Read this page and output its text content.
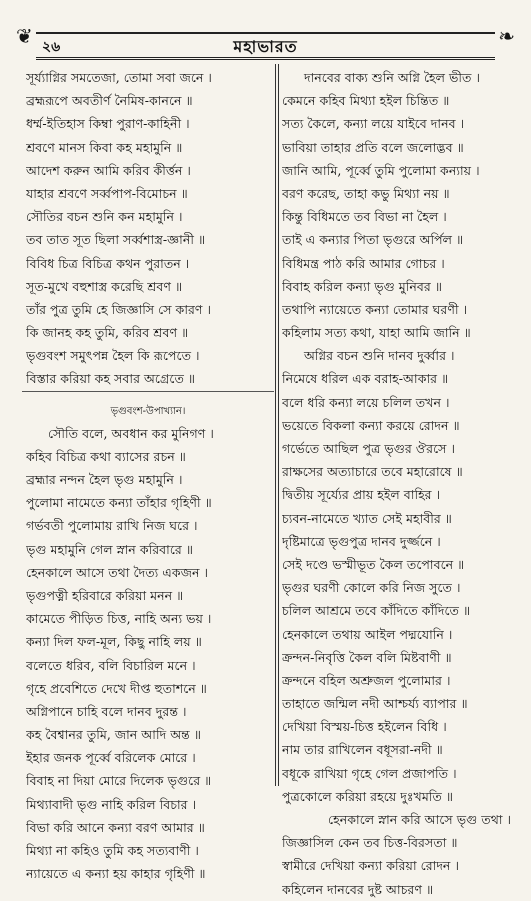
❦ ২৬	মহাভারত	❧
সূর্য্যাগ্নির সমতেজা, তোমা সবা জনে ।
ব্রহ্মরূপে অবতীর্ণ নৈমিষ-কাননে ॥
ধর্ম্ম-ইতিহাস কিম্বা পুরাণ-কাহিনী ।
শ্রবণে মানস কিবা কহ মহামুনি ॥
আদেশ করুন আমি করিব কীর্ত্তন ।
যাহার শ্রবণে সর্ব্বপাপ-বিমোচন ॥
সৌতির বচন শুনি কন মহামুনি ।
তব তাত সূত ছিলা সর্ব্বশাস্ত্র-জ্ঞানী ॥
বিবিধ চিত্র বিচিত্র কথন পুরাতন ।
সূত-মুখে বহুশাস্ত্র করেছি শ্রবণ ॥
তাঁর পুত্র তুমি হে জিজ্ঞাসি সে কারণ ।
কি জানহ কহ তুমি, করিব শ্রবণ ॥
ভৃগুবংশ সমুৎপন্ন হৈল কি রূপেতে ।
বিস্তার করিয়া কহ সবার অগ্রেতে ॥
ভৃগুবংশ-উপাখ্যান।
সৌতি বলে, অবধান কর মুনিগণ ।
কহিব বিচিত্র কথা ব্যাসের রচন ॥
ব্রহ্মার নন্দন হৈল ভৃগু মহামুনি ।
পুলোমা নামেতে কন্যা তাঁহার গৃহিণী ॥
গর্ভবতী পুলোমায় রাখি নিজ ঘরে ।
ভৃগু মহামুনি গেল স্নান করিবারে ॥
হেনকালে আসে তথা দৈত্য একজন ।
ভৃগুপত্নী হরিবারে করিয়া মনন ॥
কামেতে পীড়িত চিত্ত, নাহি অন্য ভয় ।
কন্যা দিল ফল-মূল, কিছু নাহি লয় ॥
বলেতে ধরিব, বলি বিচারিল মনে ।
গৃহে প্রবেশিতে দেখে দীপ্ত হুতাশনে ॥
অগ্নিপানে চাহি বলে দানব দুরন্ত ।
কহ বৈশ্বানর তুমি, জান আদি অন্ত ॥
ইহার জনক পূর্ব্বে বরিলেক মোরে ।
বিবাহ না দিয়া মোরে দিলেক ভৃগুরে ॥
মিথ্যাবাদী ভৃগু নাহি করিল বিচার ।
বিভা করি আনে কন্যা বরণ আমার ॥
মিথ্যা না কহিও তুমি কহ সত্যবাণী ।
ন্যায়েতে এ কন্যা হয় কাহার গৃহিণী ॥
দানবের বাক্য শুনি অগ্নি হৈল ভীত ।
কেমনে কহিব মিথ্যা হইল চিন্তিত ॥
সত্য কৈলে, কন্যা লয়ে যাইবে দানব ।
ভাবিয়া তাহার প্রতি বলে জলোদ্ভব ॥
জানি আমি, পূর্ব্বে তুমি পুলোমা কন্যায় ।
বরণ করেছ, তাহা কভু মিথ্যা নয় ॥
কিন্তু বিধিমতে তব বিভা না হৈল ।
তাই এ কন্যার পিতা ভৃগুরে অর্পিল ॥
বিধিমন্ত্র পাঠ করি আমার গোচর ।
বিবাহ করিল কন্যা ভৃগু মুনিবর ॥
তথাপি ন্যায়েতে কন্যা তোমার ঘরণী ।
কহিলাম সত্য কথা, যাহা আমি জানি ॥
অগ্নির বচন শুনি দানব দুর্ব্বার ।
নিমেষে ধরিল এক বরাহ-আকার ॥
বলে ধরি কন্যা লয়ে চলিল তখন ।
ভয়েতে বিকলা কন্যা করয়ে রোদন ॥
গর্ভেতে আছিল পুত্র ভৃগুর ঔরসে ।
রাক্ষসের অত্যাচারে তবে মহারোষে ॥
দ্বিতীয় সূর্য্যের প্রায় হইল বাহির ।
চ্যবন-নামেতে খ্যাত সেই মহাবীর ॥
দৃষ্টিমাত্রে ভৃগুপুত্র দানব দুর্জ্জনে ।
সেই দণ্ডে ভস্মীভূত কৈল তপোবনে ॥
ভৃগুর ঘরণী কোলে করি নিজ সুতে ।
চলিল আশ্রমে তবে কাঁদিতে কাঁদিতে ॥
হেনকালে তথায় আইল পদ্মযোনি ।
ক্রন্দন-নিবৃত্তি কৈল বলি মিষ্টবাণী ॥
ক্রন্দনে বহিল অশ্রুজল পুলোমার ।
তাহাতে জন্মিল নদী আশ্চর্য্য ব্যাপার ॥
দেখিয়া বিস্ময়-চিত্ত হইলেন বিধি ।
নাম তার রাখিলেন বধূসরা-নদী ॥
বধূকে রাখিয়া গৃহে গেল প্রজাপতি ।
পুত্রকোলে করিয়া রহয়ে দুঃখমতি ॥
হেনকালে স্নান করি আসে ভৃগু তথা ।
জিজ্ঞাসিল কেন তব চিত্ত-বিরসতা ॥
স্বামীরে দেখিয়া কন্যা করিয়া রোদন ।
কহিলেন দানবের দুষ্ট আচরণ ॥
